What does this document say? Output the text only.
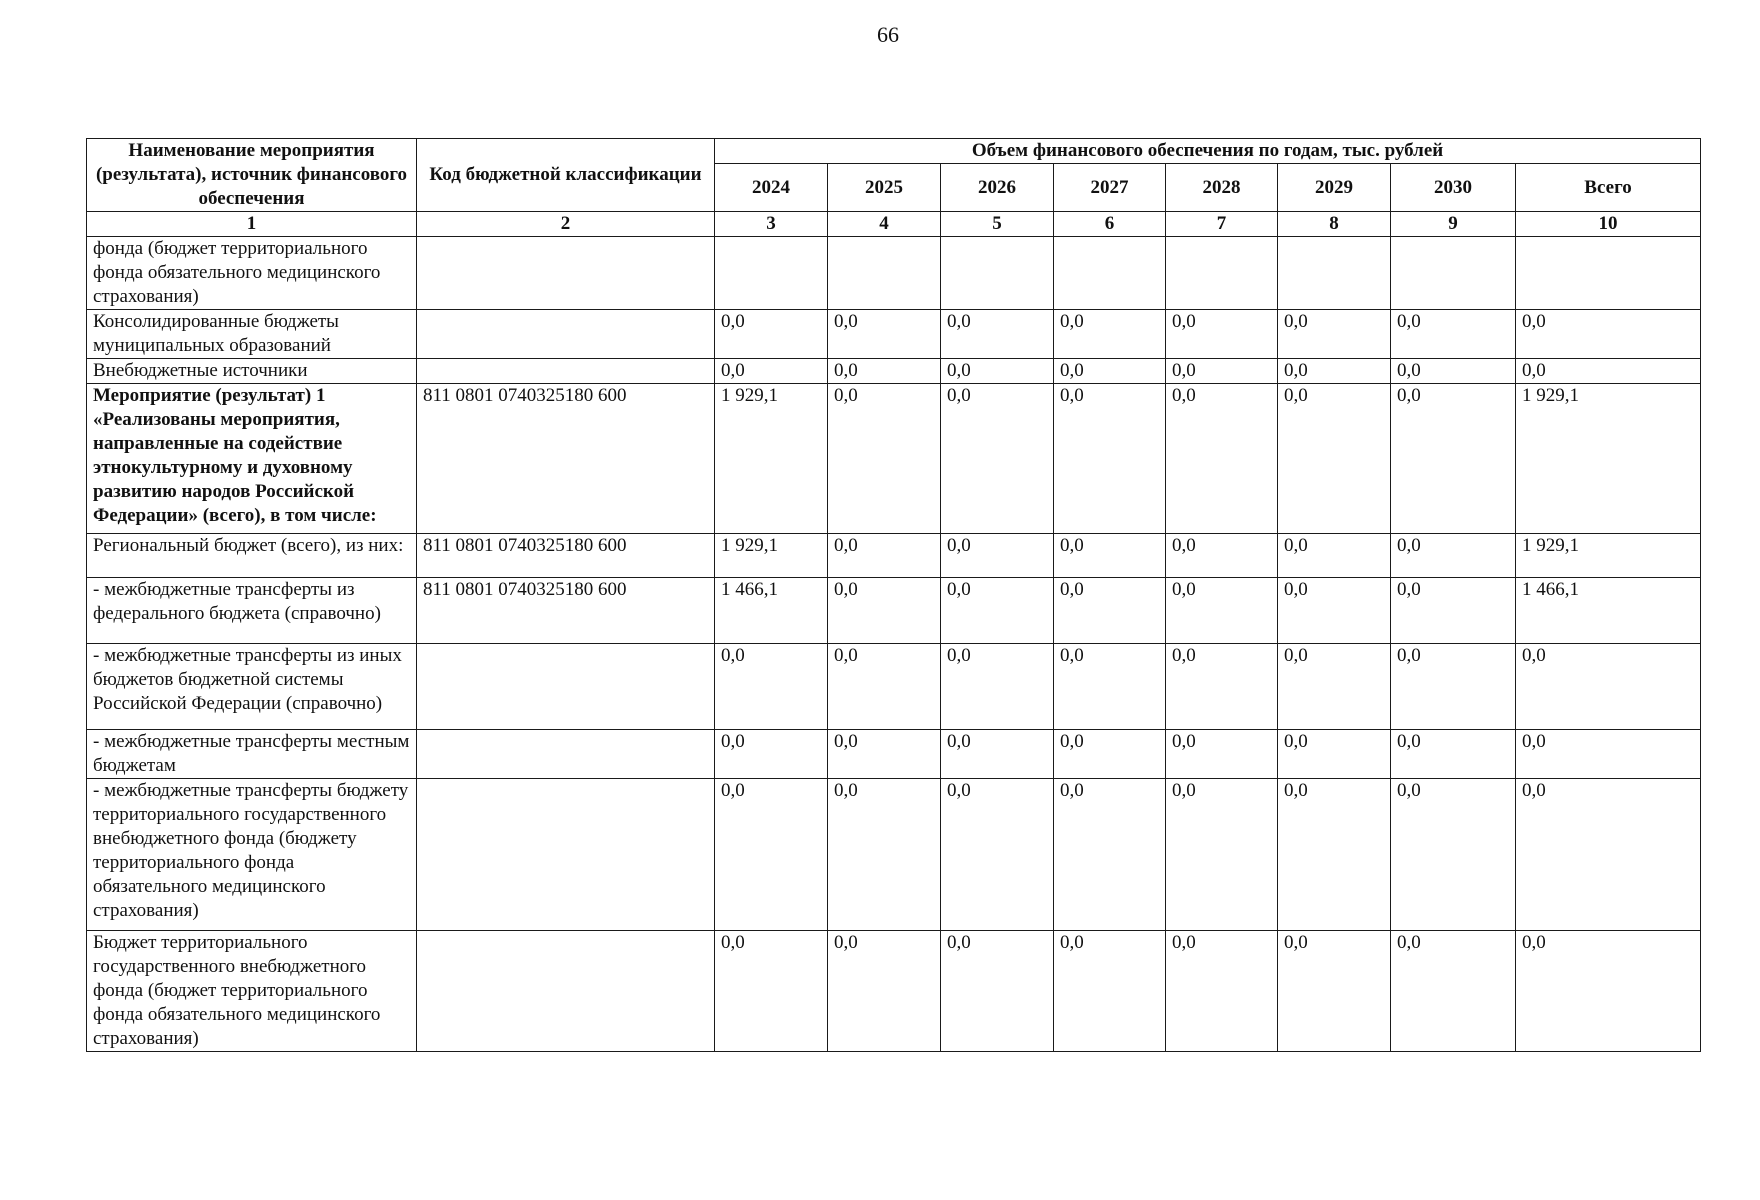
66
Наименование мероприятия (результата), источник финансового обеспечения	Код бюджетной классификации	Объем финансового обеспечения по годам, тыс. рублей							
		2024	2025	2026	2027	2028	2029	2030	Всего
1	2	3	4	5	6	7	8	9	10
фонда (бюджет территориального фонда обязательного медицинского страхования)									
Консолидированные бюджеты муниципальных образований		0,0	0,0	0,0	0,0	0,0	0,0	0,0	0,0
Внебюджетные источники		0,0	0,0	0,0	0,0	0,0	0,0	0,0	0,0
Мероприятие (результат) 1 «Реализованы мероприятия, направленные на содействие этнокультурному и духовному развитию народов Российской Федерации» (всего), в том числе:	811 0801 0740325180 600	1 929,1	0,0	0,0	0,0	0,0	0,0	0,0	1 929,1
Региональный бюджет (всего), из них:	811 0801 0740325180 600	1 929,1	0,0	0,0	0,0	0,0	0,0	0,0	1 929,1
- межбюджетные трансферты из федерального бюджета (справочно)	811 0801 0740325180 600	1 466,1	0,0	0,0	0,0	0,0	0,0	0,0	1 466,1
- межбюджетные трансферты из иных бюджетов бюджетной системы Российской Федерации (справочно)		0,0	0,0	0,0	0,0	0,0	0,0	0,0	0,0
- межбюджетные трансферты местным бюджетам		0,0	0,0	0,0	0,0	0,0	0,0	0,0	0,0
- межбюджетные трансферты бюджету территориального государственного внебюджетного фонда (бюджету территориального фонда обязательного медицинского страхования)		0,0	0,0	0,0	0,0	0,0	0,0	0,0	0,0
Бюджет территориального государственного внебюджетного фонда (бюджет территориального фонда обязательного медицинского страхования)		0,0	0,0	0,0	0,0	0,0	0,0	0,0	0,0
